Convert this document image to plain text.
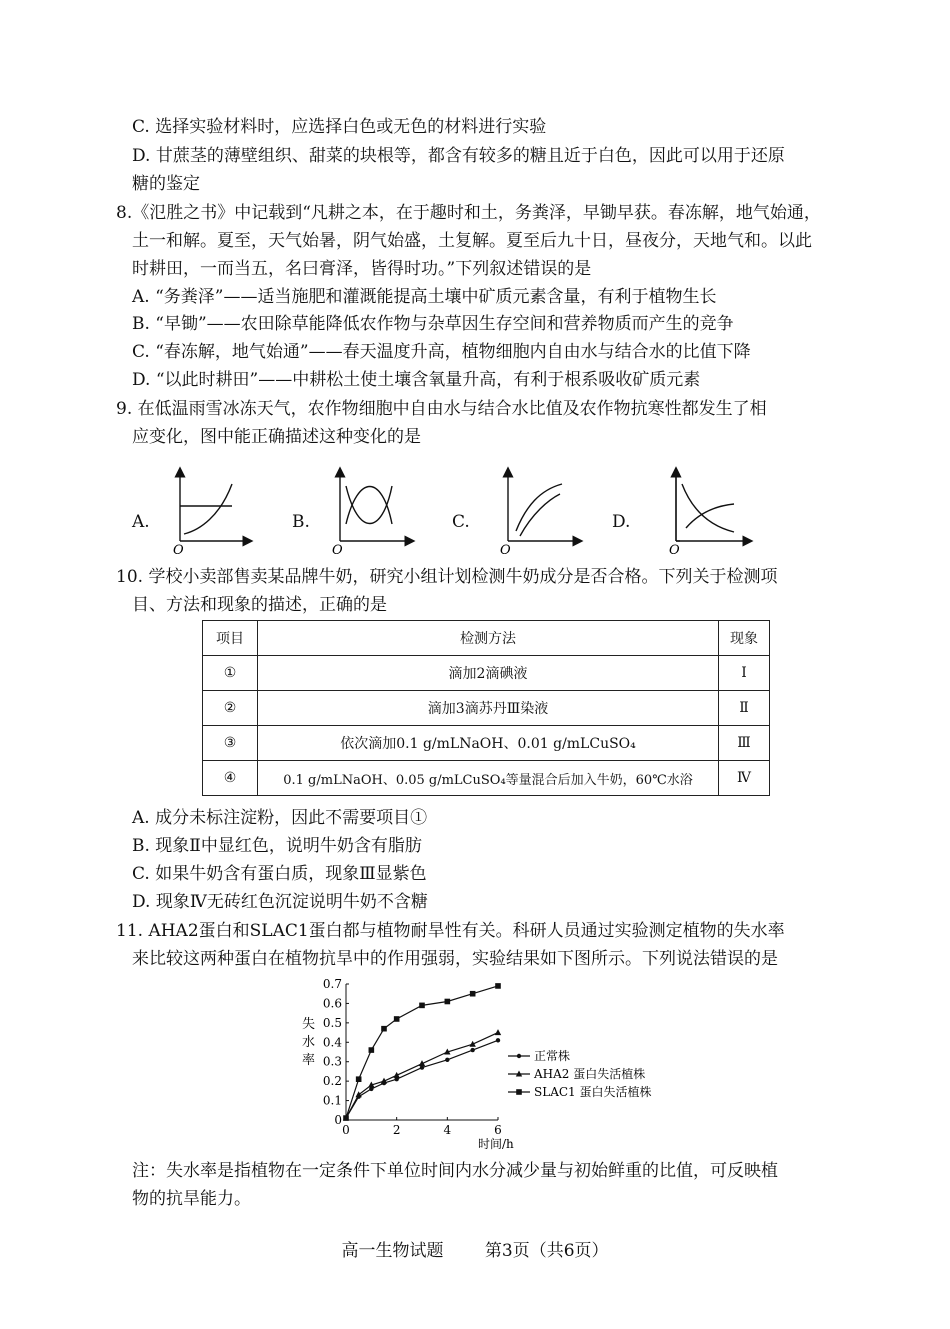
C. 选择实验材料时，应选择白色或无色的材料进行实验
D. 甘蔗茎的薄壁组织、甜菜的块根等，都含有较多的糖且近于白色，因此可以用于还原
糖的鉴定
8.《氾胜之书》中记载到“凡耕之本，在于趣时和土，务粪泽，早锄早获。春冻解，地气始通，
土一和解。夏至，天气始暑，阴气始盛，土复解。夏至后九十日，昼夜分，天地气和。以此
时耕田，一而当五，名曰膏泽，皆得时功。”下列叙述错误的是
A. “务粪泽”——适当施肥和灌溉能提高土壤中矿质元素含量，有利于植物生长
B. “早锄”——农田除草能降低农作物与杂草因生存空间和营养物质而产生的竞争
C. “春冻解，地气始通”——春天温度升高，植物细胞内自由水与结合水的比值下降
D. “以此时耕田”——中耕松土使土壤含氧量升高，有利于根系吸收矿质元素
9. 在低温雨雪冰冻天气，农作物细胞中自由水与结合水比值及农作物抗寒性都发生了相
应变化，图中能正确描述这种变化的是
A.	B.	C.	D.
O	O	O	O
10. 学校小卖部售卖某品牌牛奶，研究小组计划检测牛奶成分是否合格。下列关于检测项
目、方法和现象的描述，正确的是
项目	检测方法	现象
①	滴加2滴碘液	Ⅰ
②	滴加3滴苏丹Ⅲ染液	Ⅱ
③	依次滴加0.1 g/mLNaOH、0.01 g/mLCuSO₄	Ⅲ
④	0.1 g/mLNaOH、0.05 g/mLCuSO₄等量混合后加入牛奶，60℃水浴	Ⅳ
A. 成分未标注淀粉，因此不需要项目①
B. 现象Ⅱ中显红色，说明牛奶含有脂肪
C. 如果牛奶含有蛋白质，现象Ⅲ显紫色
D. 现象Ⅳ无砖红色沉淀说明牛奶不含糖
11. AHA2蛋白和SLAC1蛋白都与植物耐旱性有关。科研人员通过实验测定植物的失水率
来比较这两种蛋白在植物抗旱中的作用强弱，实验结果如下图所示。下列说法错误的是
0
0.1
0.2
0.3
0.4
0.5
0.6
0.7
0	2	4	6
正常株
AHA2 蛋白失活植株
SLAC1 蛋白失活植株
失
水
率
时间/h
注：失水率是指植物在一定条件下单位时间内水分减少量与初始鲜重的比值，可反映植
物的抗旱能力。
高一生物试题 第3页（共6页）
